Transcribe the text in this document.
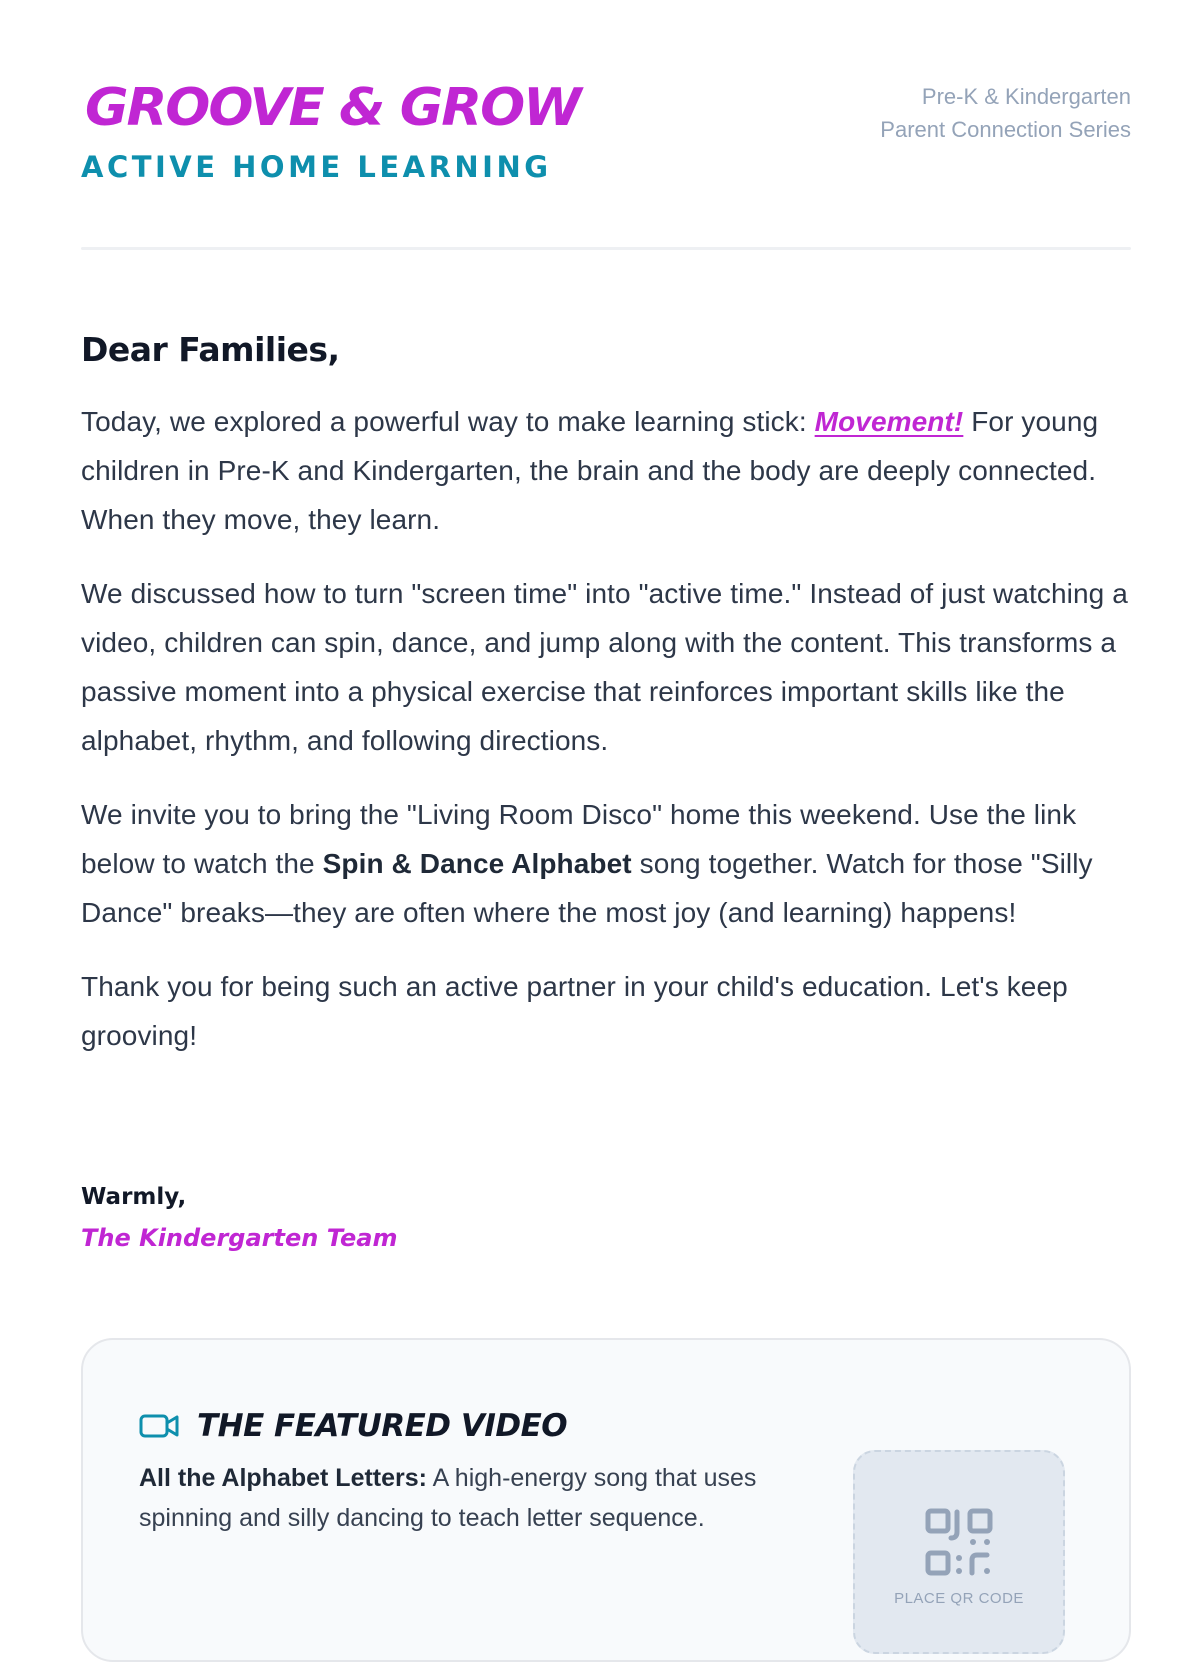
GROOVE & GROW
ACTIVE HOME LEARNING
Pre-K & Kindergarten
Parent Connection Series
Dear Families,

Today, we explored a powerful way to make learning stick: Movement! For young children in Pre-K and Kindergarten, the brain and the body are deeply connected. When they move, they learn.

We discussed how to turn "screen time" into "active time." Instead of just watching a video, children can spin, dance, and jump along with the content. This transforms a passive moment into a physical exercise that reinforces important skills like the alphabet, rhythm, and following directions.

We invite you to bring the "Living Room Disco" home this weekend. Use the link below to watch the Spin & Dance Alphabet song together. Watch for those "Silly Dance" breaks—they are often where the most joy (and learning) happens!

Thank you for being such an active partner in your child's education. Let's keep grooving!

Warmly,
The Kindergarten Team
THE FEATURED VIDEO
All the Alphabet Letters: A high-energy song that uses spinning and silly dancing to teach letter sequence.
PLACE QR CODE
